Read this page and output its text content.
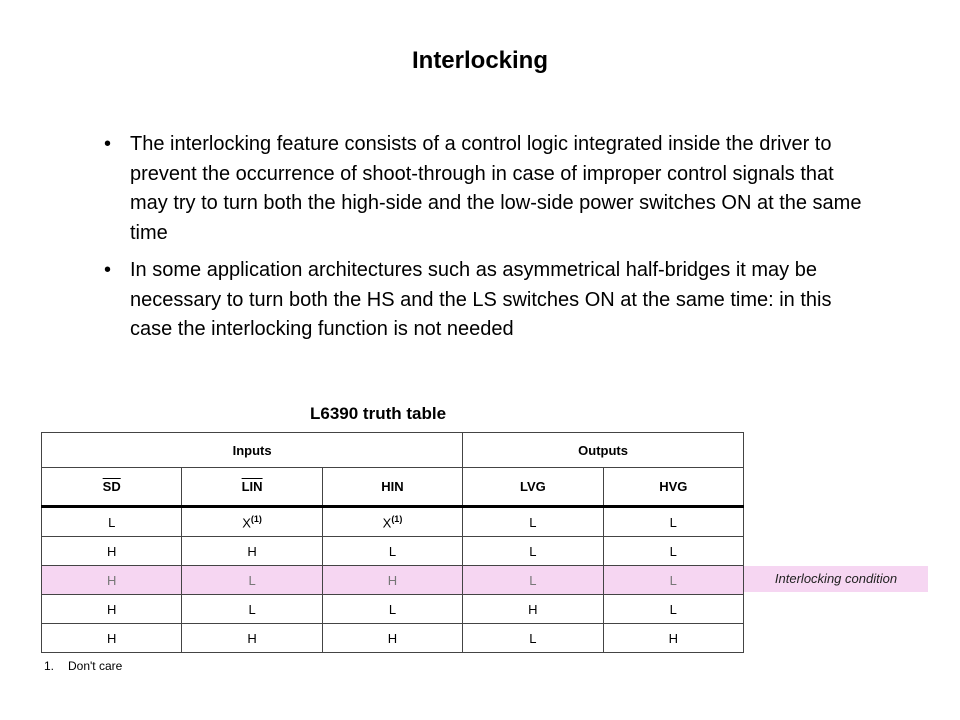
Interlocking
• The interlocking feature consists of a control logic integrated inside the driver to prevent the occurrence of shoot-through in case of improper control signals that may try to turn both the high-side and the low-side power switches ON at the same time
• In some application architectures such as asymmetrical half-bridges it may be necessary to turn both the HS and the LS switches ON at the same time: in this case the interlocking function is not needed
L6390 truth table
Inputs			Outputs	
$\overline{SD}$	$\overline{LIN}$	HIN	LVG	HVG
L	$X^{(1)}$	$X^{(1)}$	L	L
H	H	L	L	L
H	L	H	L	L
H	L	L	H	L
H	H	H	L	H
1. Don't care
Interlocking condition
